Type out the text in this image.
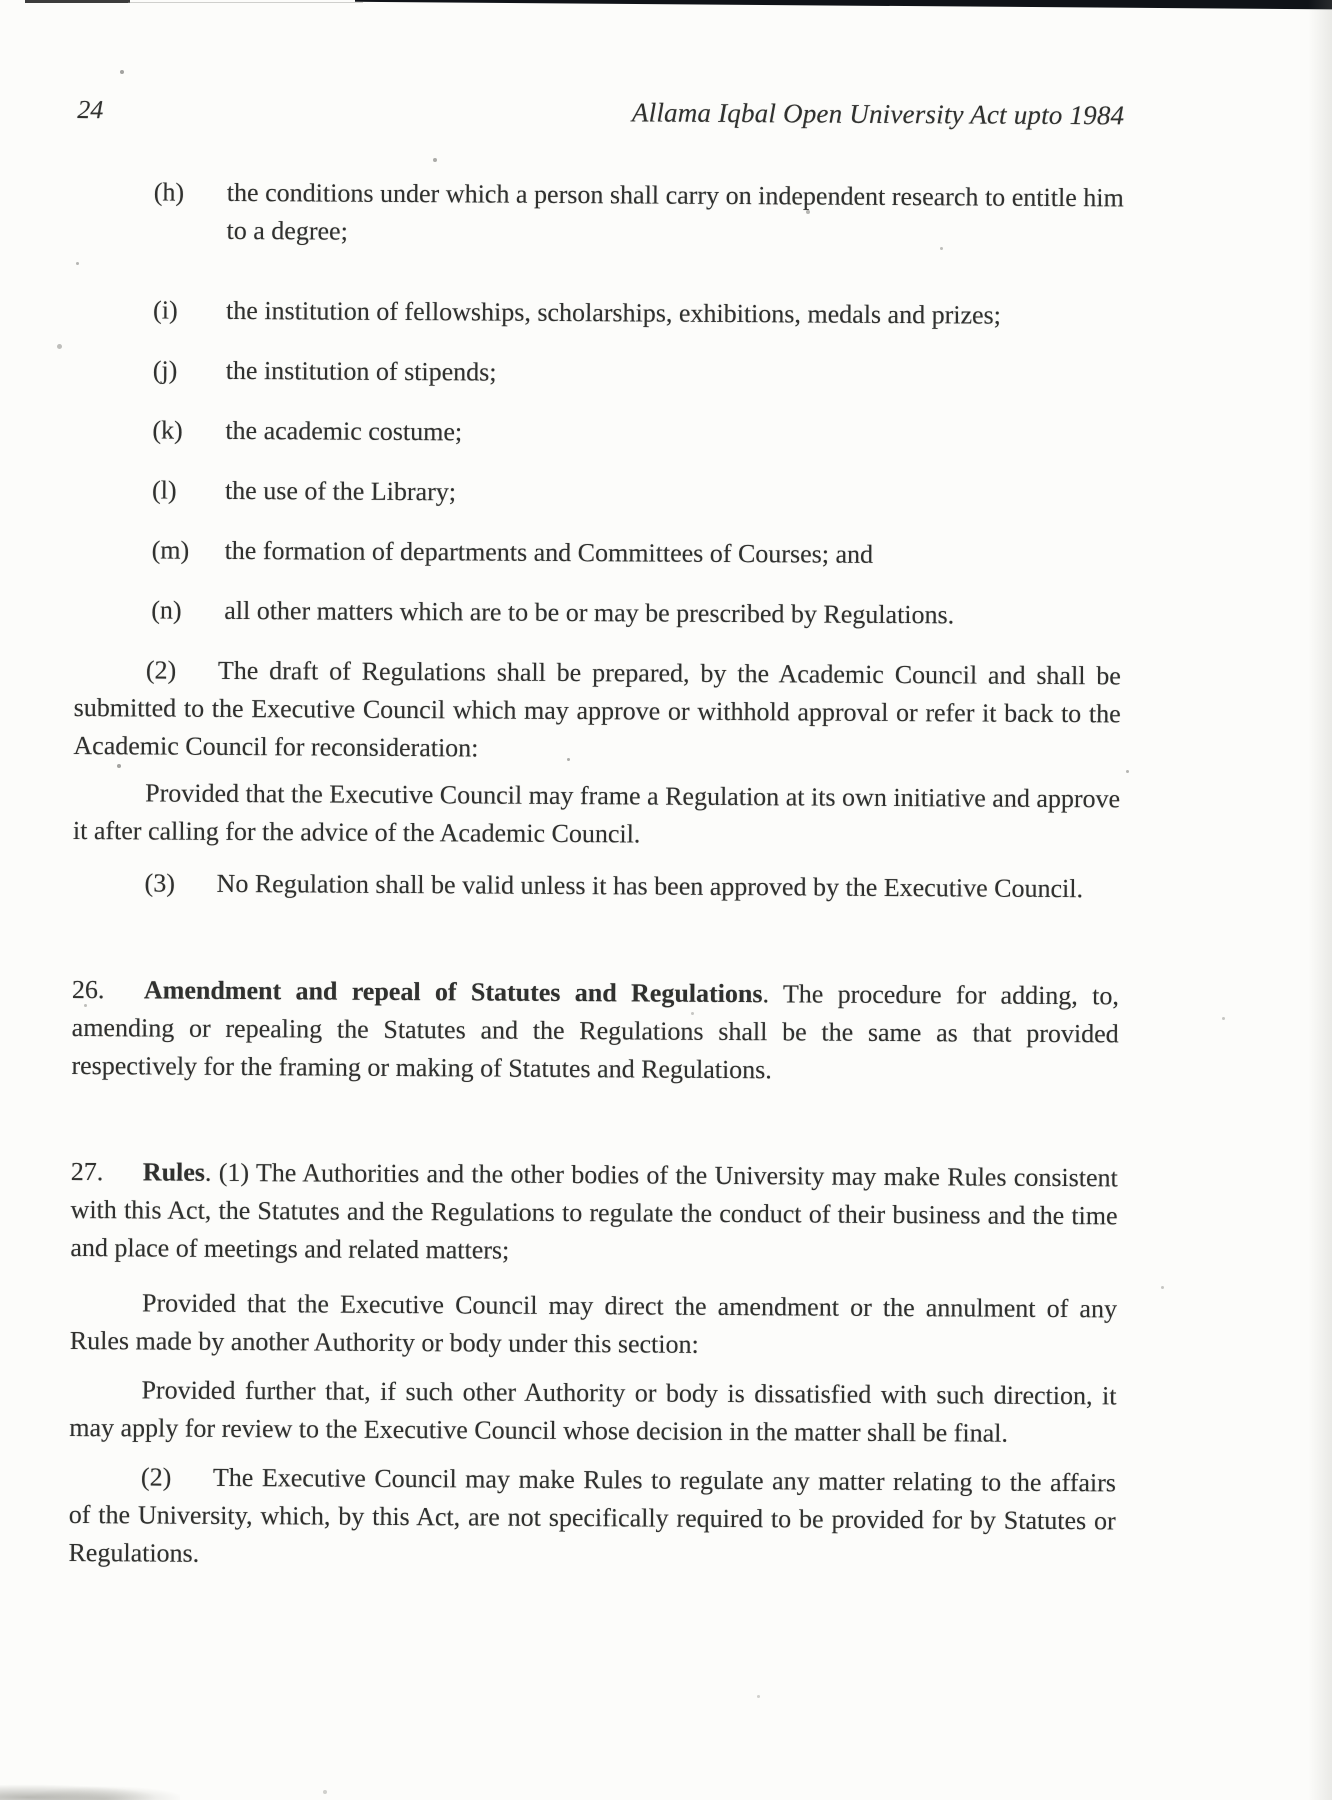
24	Allama Iqbal Open University Act upto 1984
(h)	the conditions under which a person shall carry on independent research to entitle him to a degree;
(i)	the institution of fellowships, scholarships, exhibitions, medals and prizes;
(j)	the institution of stipends;
(k)	the academic costume;
(l)	the use of the Library;
(m)	the formation of departments and Committees of Courses; and
(n)	all other matters which are to be or may be prescribed by Regulations.

(2) The draft of Regulations shall be prepared, by the Academic Council and shall be submitted to the Executive Council which may approve or withhold approval or refer it back to the Academic Council for reconsideration:

Provided that the Executive Council may frame a Regulation at its own initiative and approve it after calling for the advice of the Academic Council.

(3) No Regulation shall be valid unless it has been approved by the Executive Council.

26. Amendment and repeal of Statutes and Regulations. The procedure for adding, to, amending or repealing the Statutes and the Regulations shall be the same as that provided respectively for the framing or making of Statutes and Regulations.

27. Rules. (1) The Authorities and the other bodies of the University may make Rules consistent with this Act, the Statutes and the Regulations to regulate the conduct of their business and the time and place of meetings and related matters;

Provided that the Executive Council may direct the amendment or the annulment of any Rules made by another Authority or body under this section:

Provided further that, if such other Authority or body is dissatisfied with such direction, it may apply for review to the Executive Council whose decision in the matter shall be final.

(2) The Executive Council may make Rules to regulate any matter relating to the affairs of the University, which, by this Act, are not specifically required to be provided for by Statutes or Regulations.
